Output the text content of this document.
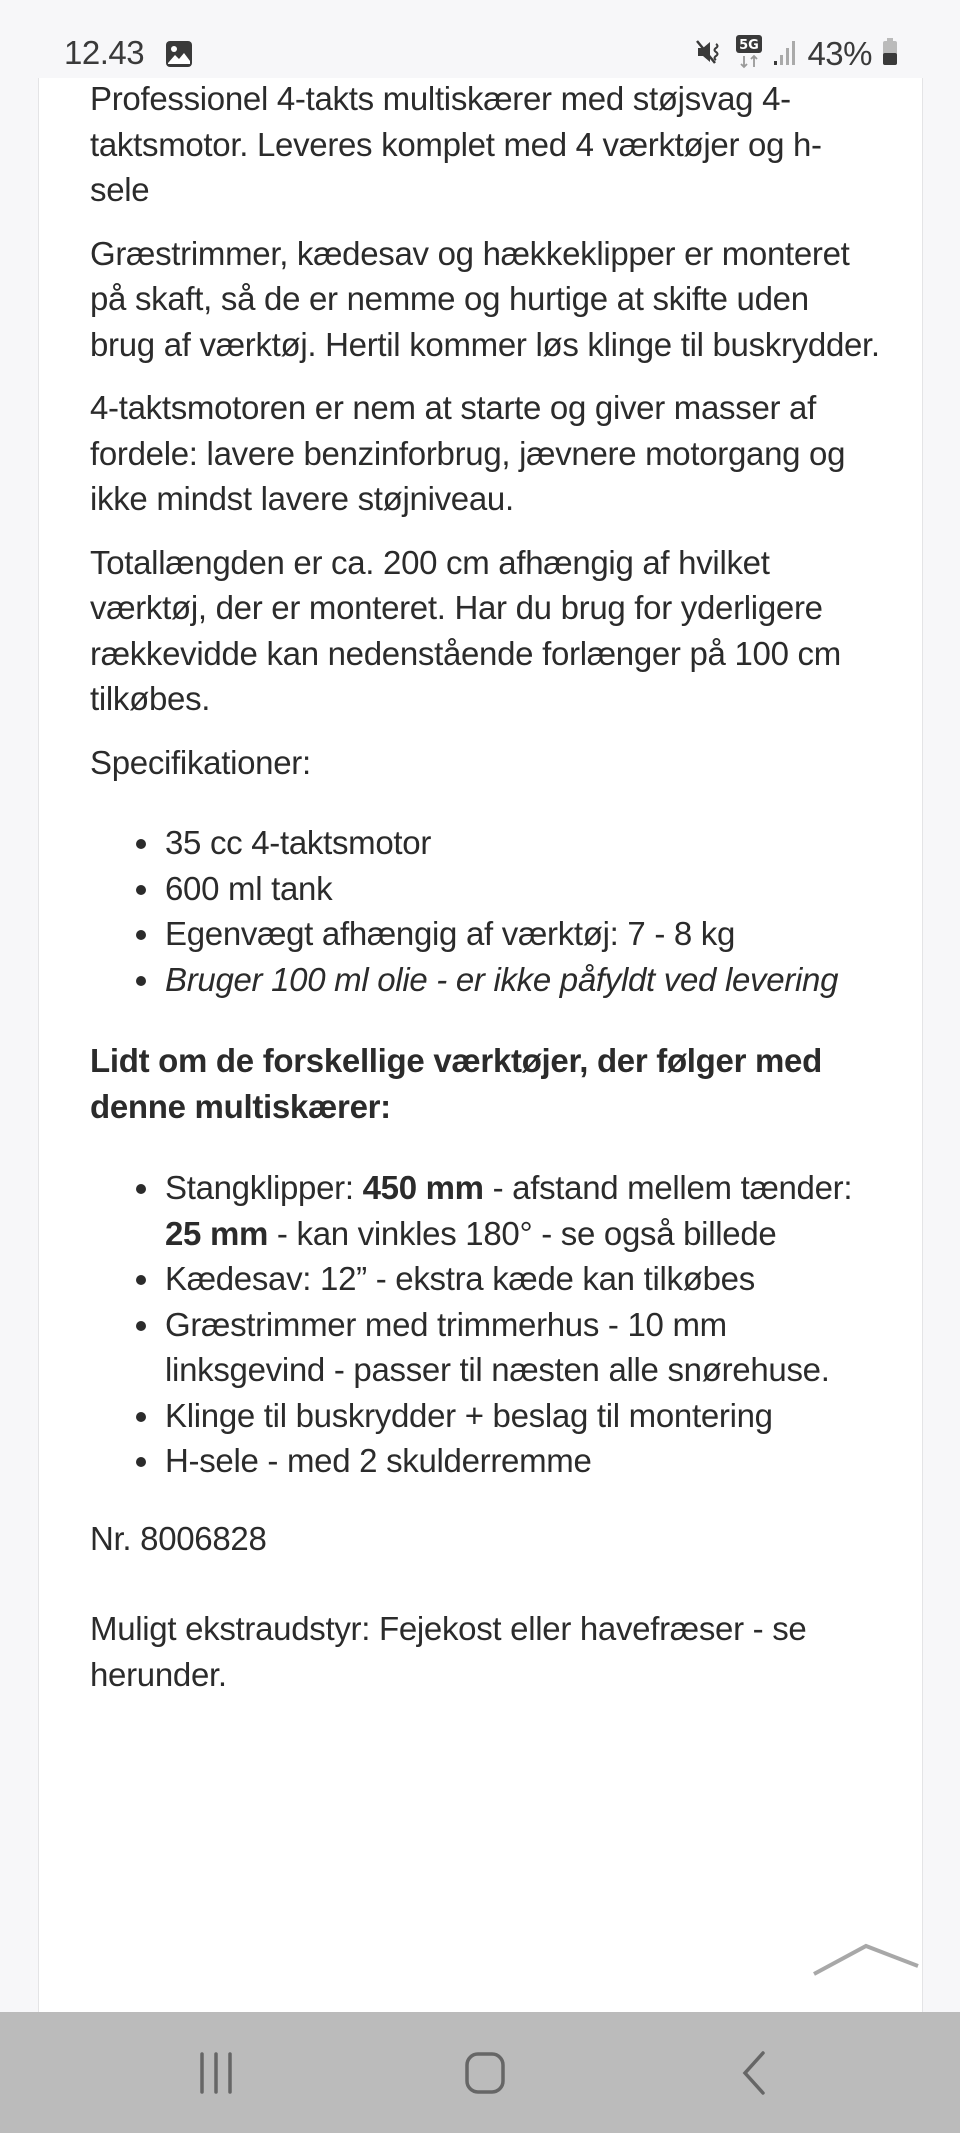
12.43	5G 43%

Professionel 4-takts multiskærer med støjsvag 4-taktsmotor. Leveres komplet med 4 værktøjer og h-sele

Græstrimmer, kædesav og hækkeklipper er monteret på skaft, så de er nemme og hurtige at skifte uden brug af værktøj. Hertil kommer løs klinge til buskrydder.

4-taktsmotoren er nem at starte og giver masser af fordele: lavere benzinforbrug, jævnere motorgang og ikke mindst lavere støjniveau.

Totallængden er ca. 200 cm afhængig af hvilket værktøj, der er monteret. Har du brug for yderligere rækkevidde kan nedenstående forlænger på 100 cm tilkøbes.

Specifikationer:

35 cc 4-taktsmotor
600 ml tank
Egenvægt afhængig af værktøj: 7 - 8 kg
Bruger 100 ml olie - er ikke påfyldt ved levering

Lidt om de forskellige værktøjer, der følger med denne multiskærer:

Stangklipper: 450 mm - afstand mellem tænder: 25 mm - kan vinkles 180° - se også billede
Kædesav: 12” - ekstra kæde kan tilkøbes
Græstrimmer med trimmerhus - 10 mm linksgevind - passer til næsten alle snørehuse.
Klinge til buskrydder + beslag til montering
H-sele - med 2 skulderremme

Nr. 8006828

Muligt ekstraudstyr: Fejekost eller havefræser - se herunder.
